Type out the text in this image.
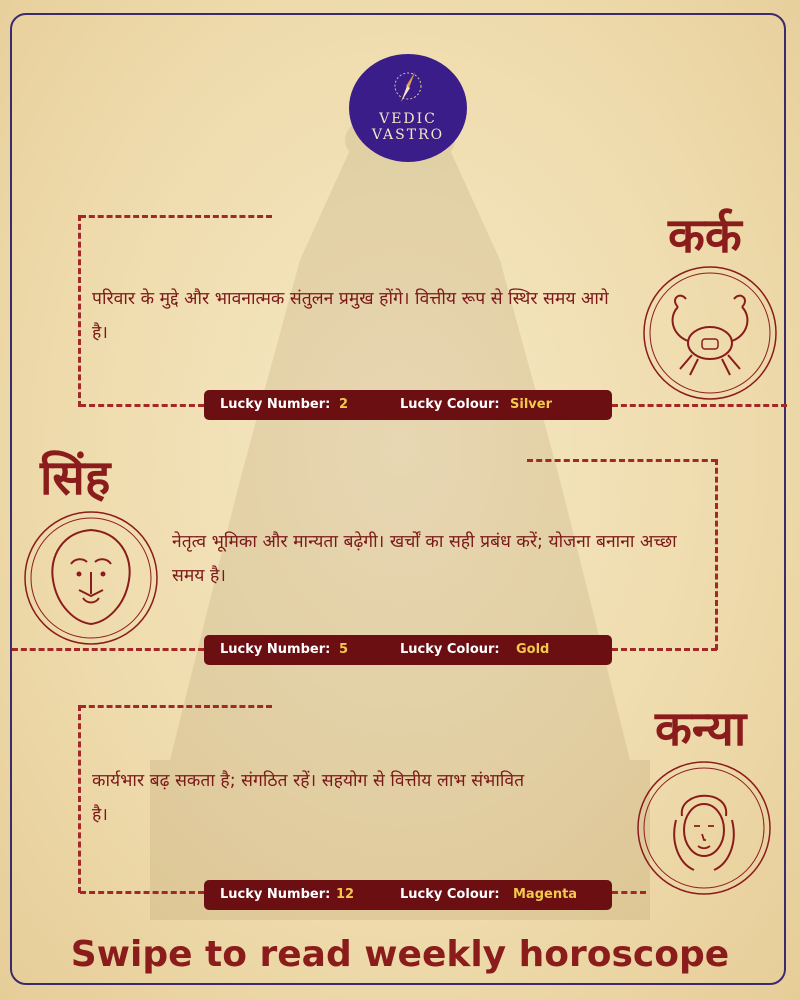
VEDIC
VASTRO
कर्क
परिवार के मुद्दे और भावनात्मक संतुलन प्रमुख होंगे। वित्तीय रूप से स्थिर समय आगे है।
Lucky Number: 2	Lucky Colour: Silver
सिंह
नेतृत्व भूमिका और मान्यता बढ़ेगी। खर्चों का सही प्रबंध करें; योजना बनाना अच्छा समय है।
Lucky Number: 5	Lucky Colour: Gold
कन्या
कार्यभार बढ़ सकता है; संगठित रहें। सहयोग से वित्तीय लाभ संभावित है।
Lucky Number: 12	Lucky Colour: Magenta
Swipe to read weekly horoscope
